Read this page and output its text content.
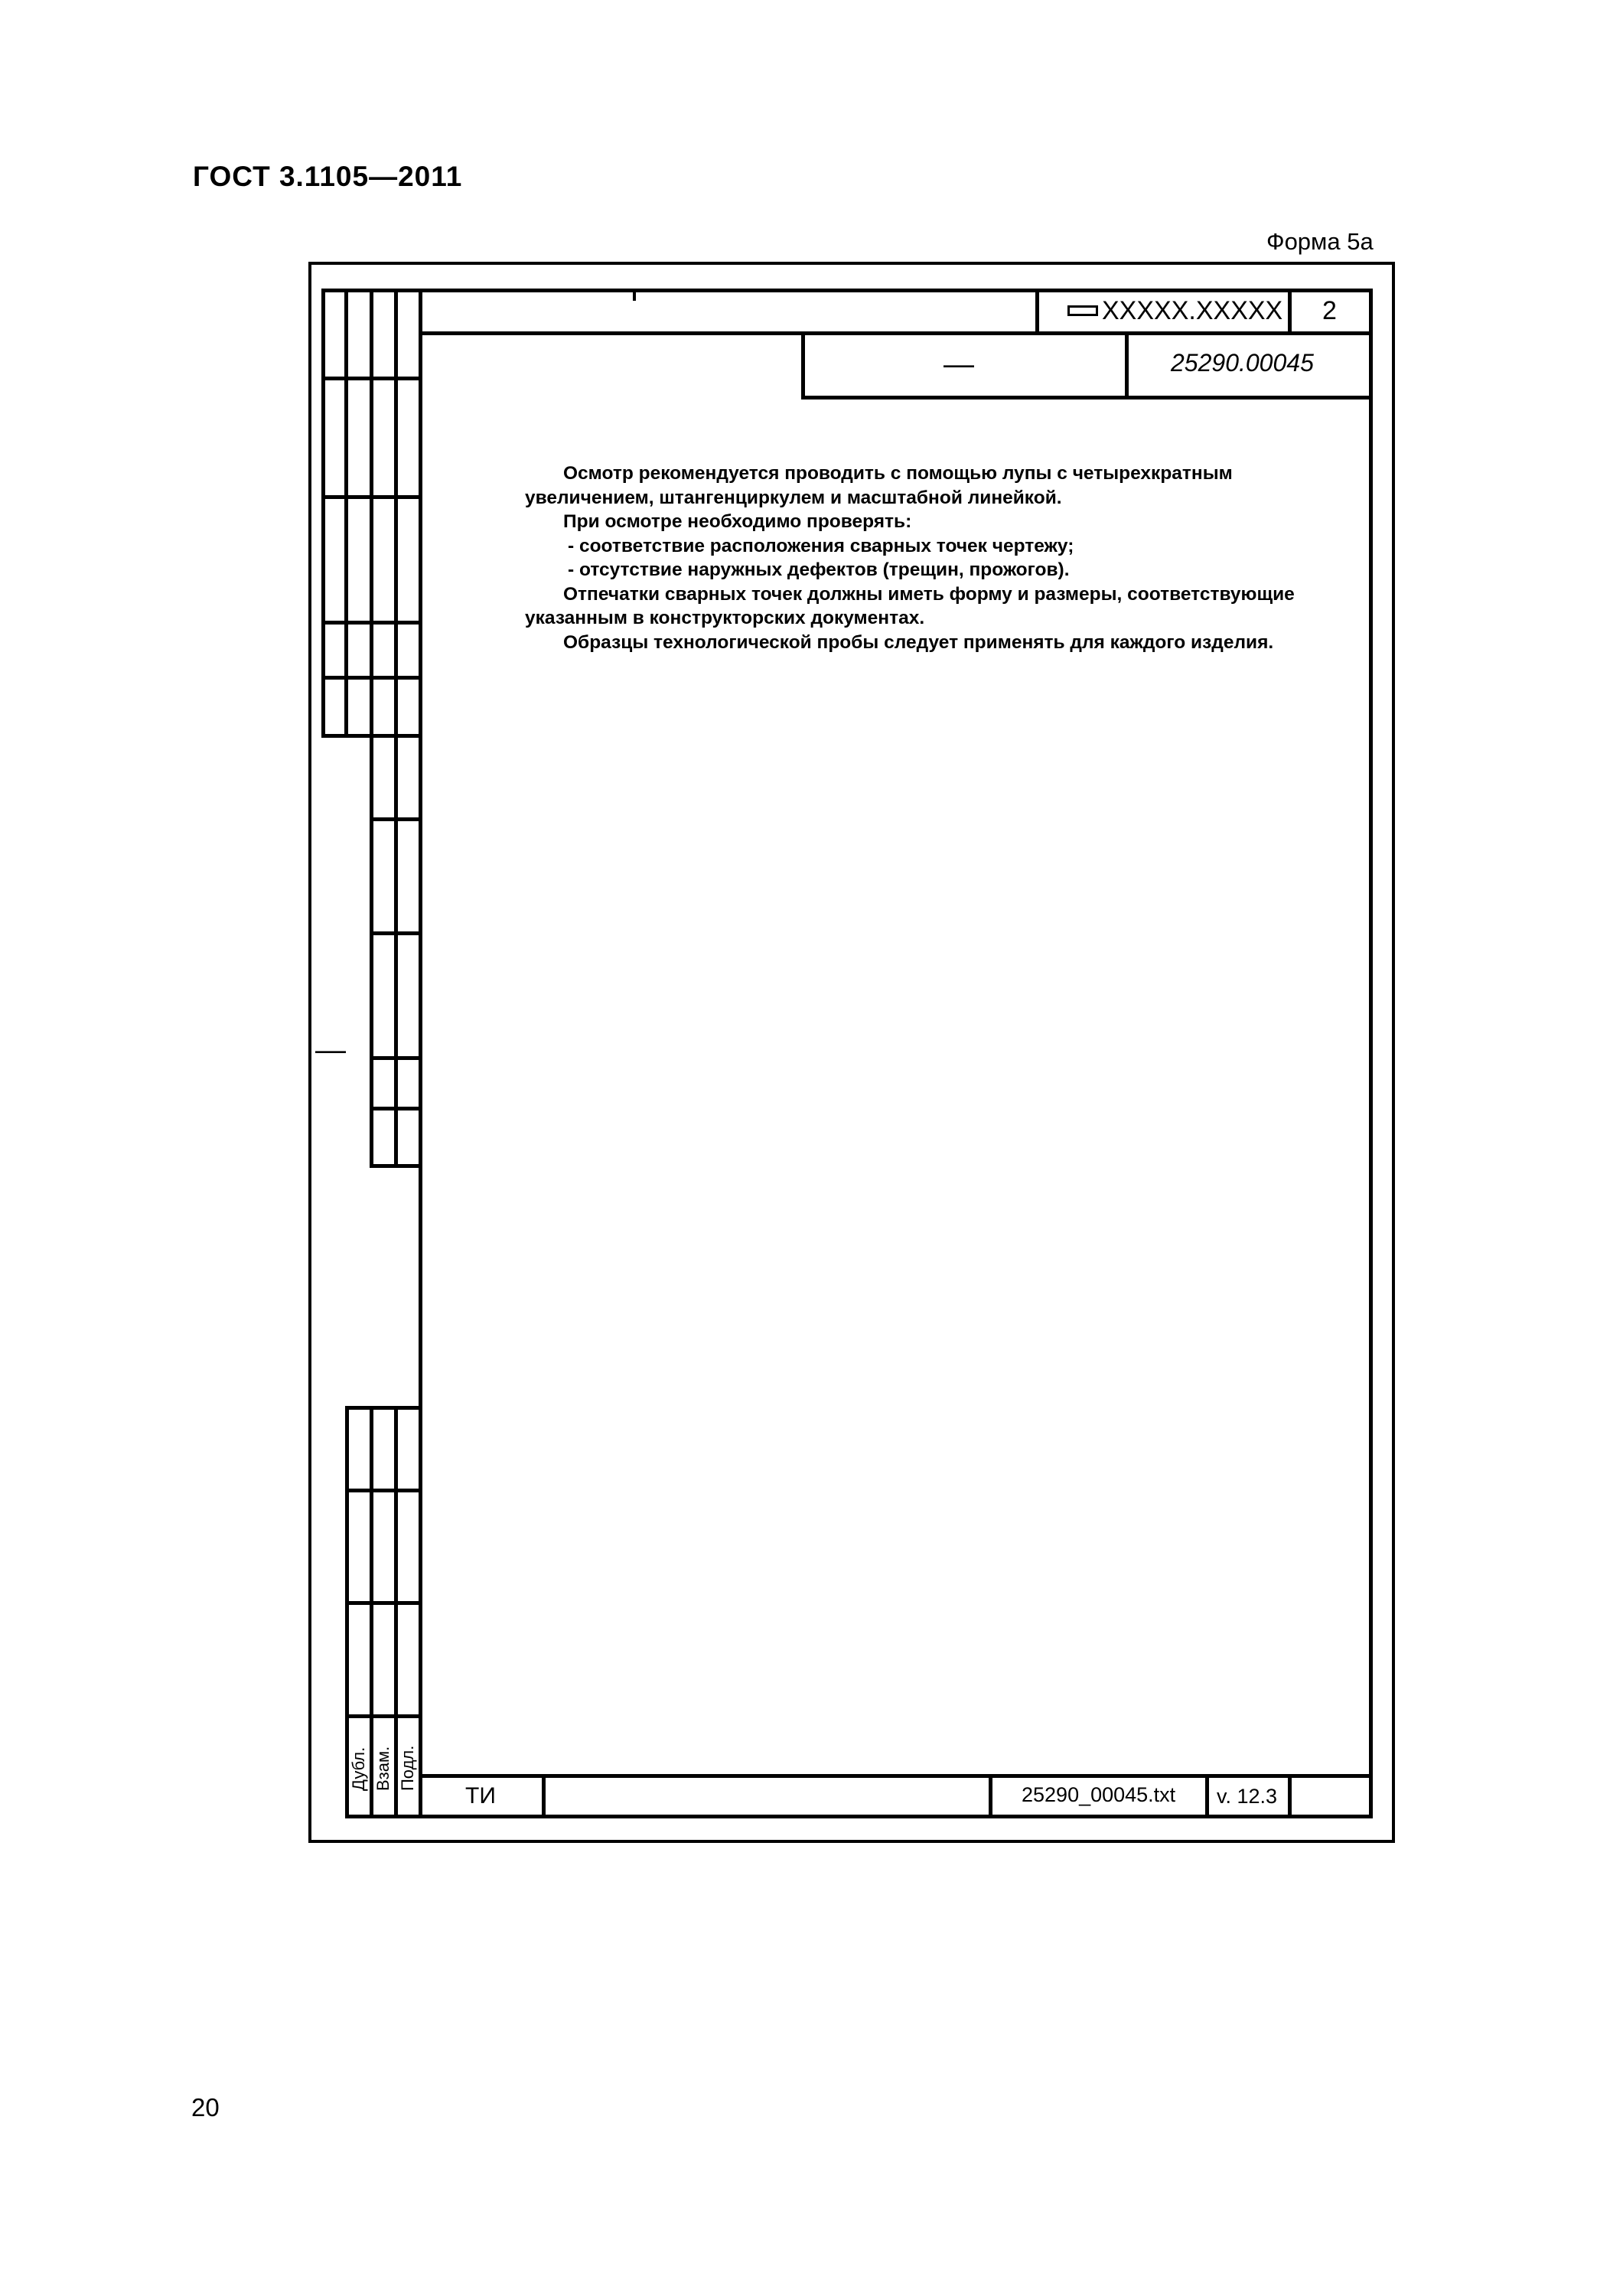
ГОСТ 3.1105—2011
Форма 5а
ХХХХХ.ХХХХХ 2
—	25290.00045

Осмотр рекомендуется проводить с помощью лупы с четырехкратным

увеличением, штангенциркулем и масштабной линейкой.

При осмотре необходимо проверять:

- соответствие расположения сварных точек чертежу;

- отсутствие наружных дефектов (трещин, прожогов).

Отпечатки сварных точек должны иметь форму и размеры, соответствующие

указанным в конструкторских документах.

Образцы технологической пробы следует применять для каждого изделия.

—
Дубл. Взам. Подл.
ТИ	25290_00045.txt v. 12.3
20
